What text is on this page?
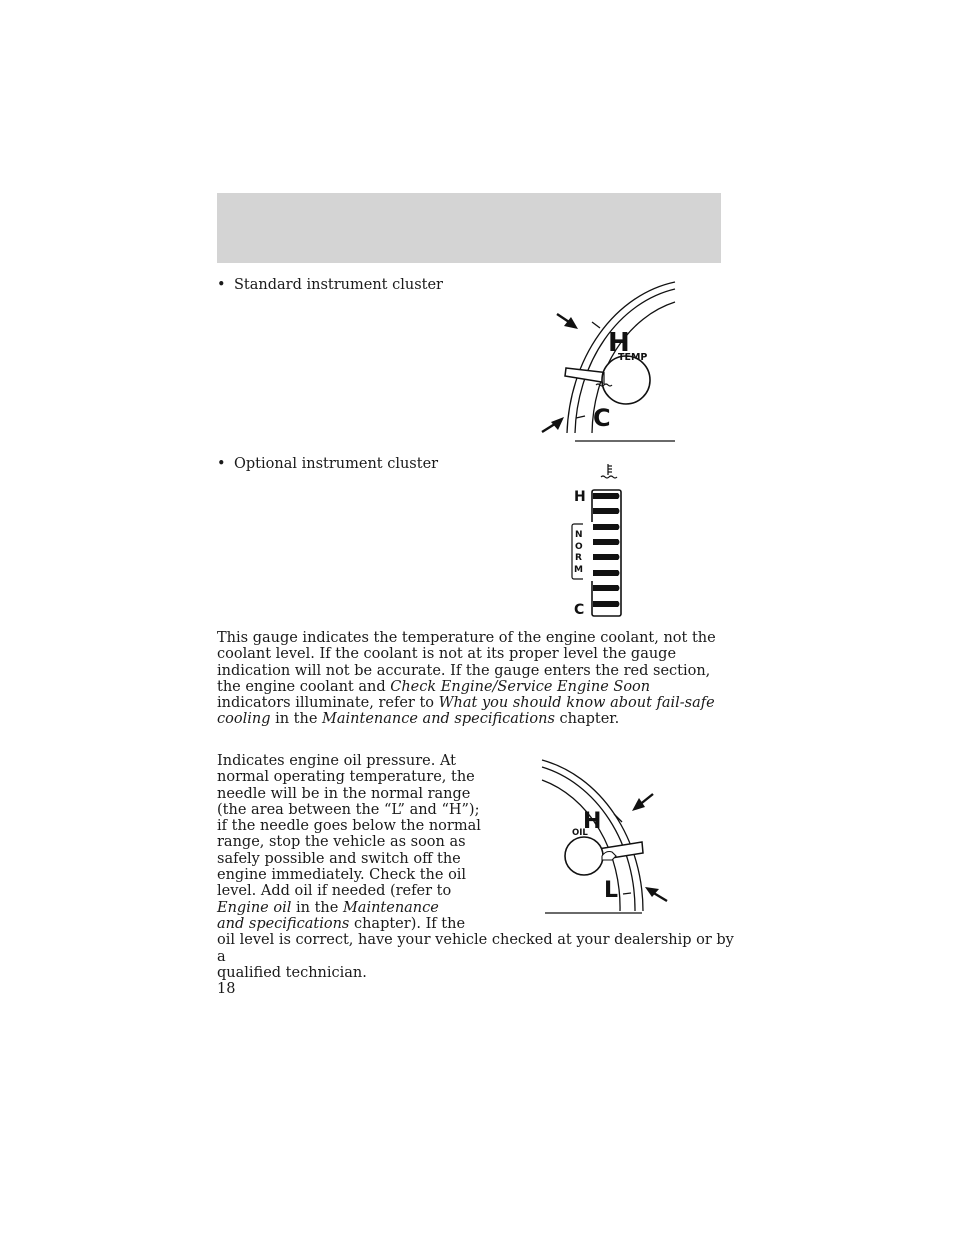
• Standard instrument cluster
H
TEMP
C
• Optional instrument cluster
H
N
O
R
M
C

This gauge indicates the temperature of the engine coolant, not the coolant level. If the coolant is not at its proper level the gauge indication will not be accurate. If the gauge enters the red section, the engine coolant and Check Engine/Service Engine Soon indicators illuminate, refer to What you should know about fail-safe cooling in the Maintenance and specifications chapter.

H
OIL
L
Indicates engine oil pressure. At
normal operating temperature, the
needle will be in the normal range
(the area between the “L” and “H”);
if the needle goes below the normal
range, stop the vehicle as soon as
safely possible and switch off the
engine immediately. Check the oil
level. Add oil if needed (refer to
Engine oil in the Maintenance
and specifications chapter). If the
oil level is correct, have your vehicle checked at your dealership or by a
qualified technician.
18
